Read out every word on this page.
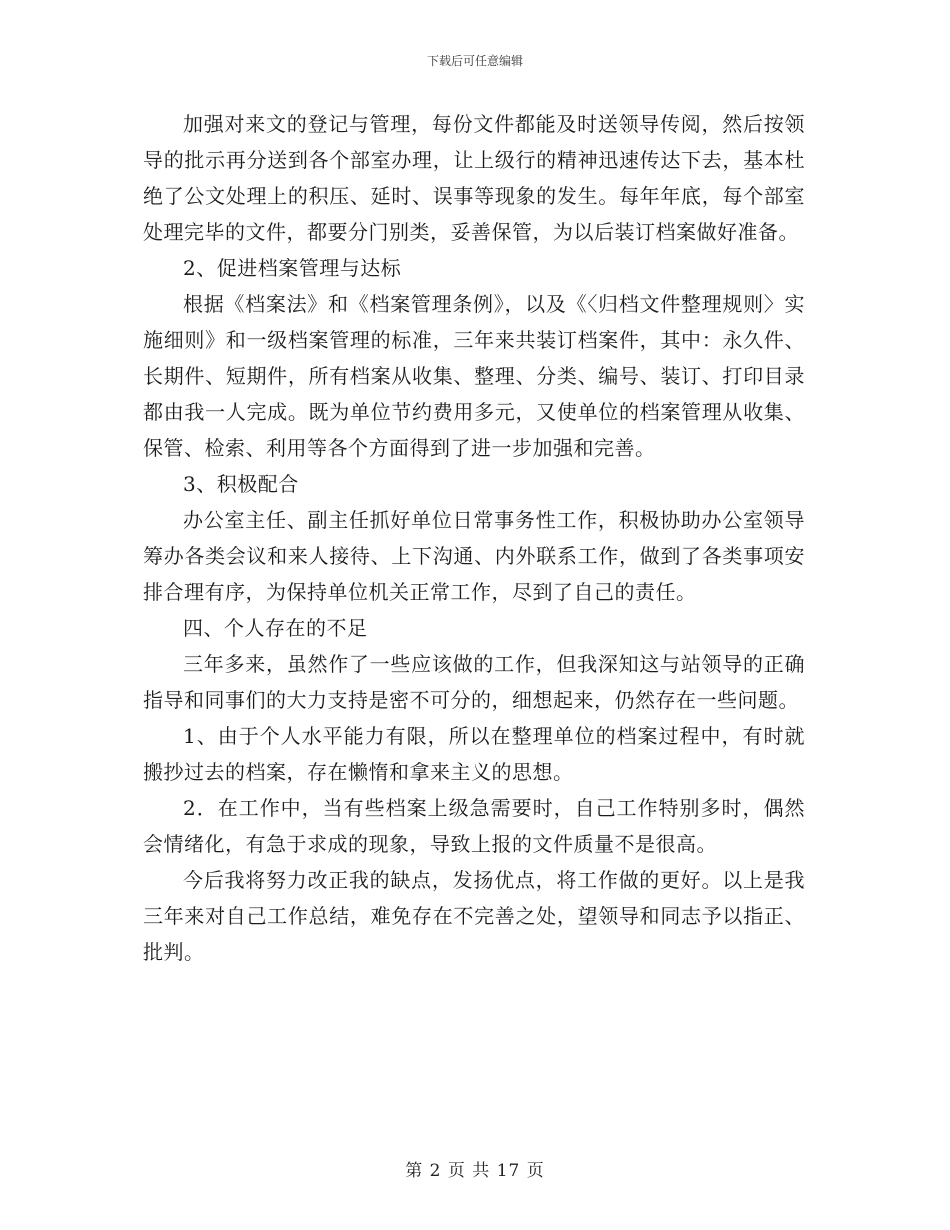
下载后可任意编辑

加强对来文的登记与管理，每份文件都能及时送领导传阅，然后按领导的批示再分送到各个部室办理，让上级行的精神迅速传达下去，基本杜绝了公文处理上的积压、延时、误事等现象的发生。每年年底，每个部室处理完毕的文件，都要分门别类，妥善保管，为以后装订档案做好准备。

2、促进档案管理与达标

根据《档案法》和《档案管理条例》，以及《〈归档文件整理规则〉实施细则》和一级档案管理的标准，三年来共装订档案件，其中：永久件、长期件、短期件，所有档案从收集、整理、分类、编号、装订、打印目录都由我一人完成。既为单位节约费用多元，又使单位的档案管理从收集、保管、检索、利用等各个方面得到了进一步加强和完善。

3、积极配合

办公室主任、副主任抓好单位日常事务性工作，积极协助办公室领导筹办各类会议和来人接待、上下沟通、内外联系工作，做到了各类事项安排合理有序，为保持单位机关正常工作，尽到了自己的责任。

四、个人存在的不足

三年多来，虽然作了一些应该做的工作，但我深知这与站领导的正确指导和同事们的大力支持是密不可分的，细想起来，仍然存在一些问题。

1、由于个人水平能力有限，所以在整理单位的档案过程中，有时就搬抄过去的档案，存在懒惰和拿来主义的思想。

2．在工作中，当有些档案上级急需要时，自己工作特别多时，偶然会情绪化，有急于求成的现象，导致上报的文件质量不是很高。

今后我将努力改正我的缺点，发扬优点，将工作做的更好。以上是我三年来对自己工作总结，难免存在不完善之处，望领导和同志予以指正、批判。

第 2 页 共 17 页
